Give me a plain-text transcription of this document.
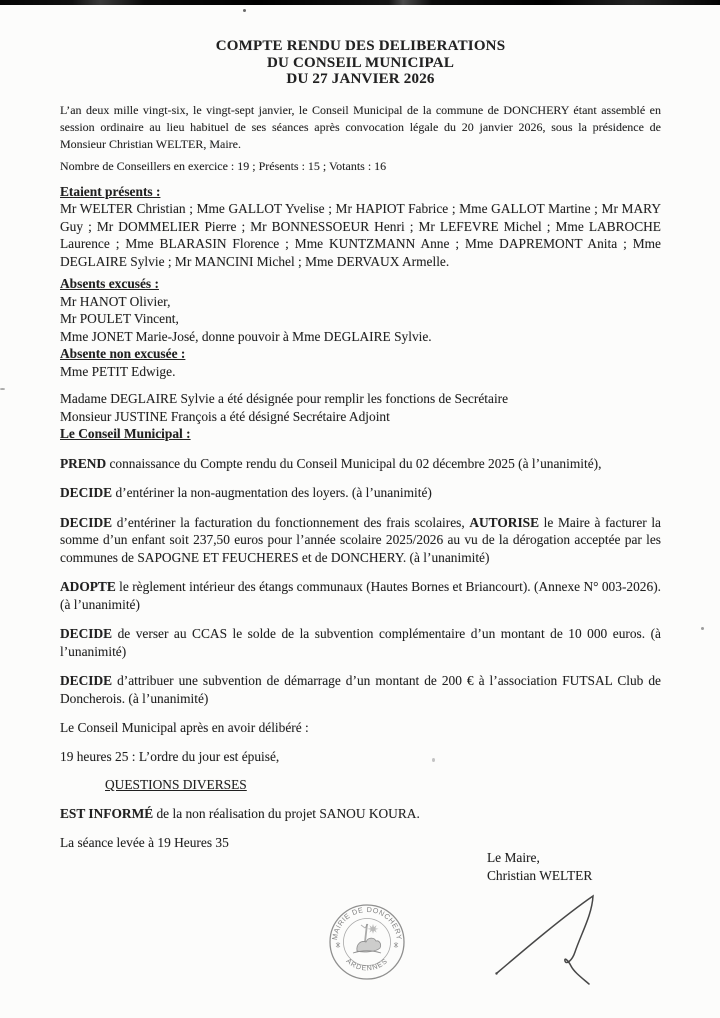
COMPTE RENDU DES DELIBERATIONS

DU CONSEIL MUNICIPAL

DU 27 JANVIER 2026

L’an deux mille vingt-six, le vingt-sept janvier, le Conseil Municipal de la commune de DONCHERY étant assemblé en session ordinaire au lieu habituel de ses séances après convocation légale du 20 janvier 2026, sous la présidence de Monsieur Christian WELTER, Maire.

Nombre de Conseillers en exercice : 19 ; Présents : 15 ; Votants : 16

Etaient présents :

Mr WELTER Christian ; Mme GALLOT Yvelise ; Mr HAPIOT Fabrice ; Mme GALLOT Martine ; Mr MARY Guy ; Mr DOMMELIER Pierre ; Mr BONNESSOEUR Henri ; Mr LEFEVRE Michel ; Mme LABROCHE Laurence ; Mme BLARASIN Florence ; Mme KUNTZMANN Anne ; Mme DAPREMONT Anita ; Mme DEGLAIRE Sylvie ; Mr MANCINI Michel ; Mme DERVAUX Armelle.

Absents excusés :
Mr HANOT Olivier,
Mr POULET Vincent,
Mme JONET Marie-José, donne pouvoir à Mme DEGLAIRE Sylvie.
Absente non excusée :
Mme PETIT Edwige.

Madame DEGLAIRE Sylvie a été désignée pour remplir les fonctions de Secrétaire
Monsieur JUSTINE François a été désigné Secrétaire Adjoint
Le Conseil Municipal :

PREND connaissance du Compte rendu du Conseil Municipal du 02 décembre 2025 (à l’unanimité),

DECIDE d’entériner la non-augmentation des loyers. (à l’unanimité)

DECIDE d’entériner la facturation du fonctionnement des frais scolaires, AUTORISE le Maire à facturer la somme d’un enfant soit 237,50 euros pour l’année scolaire 2025/2026 au vu de la dérogation acceptée par les communes de SAPOGNE ET FEUCHERES et de DONCHERY. (à l’unanimité)

ADOPTE le règlement intérieur des étangs communaux (Hautes Bornes et Briancourt). (Annexe N° 003-2026). (à l’unanimité)

DECIDE de verser au CCAS le solde de la subvention complémentaire d’un montant de 10 000 euros. (à l’unanimité)

DECIDE d’attribuer une subvention de démarrage d’un montant de 200 € à l’association FUTSAL Club de Doncherois. (à l’unanimité)

Le Conseil Municipal après en avoir délibéré :

19 heures 25 : L’ordre du jour est épuisé,

QUESTIONS DIVERSES

EST INFORMÉ de la non réalisation du projet SANOU KOURA.

La séance levée à 19 Heures 35

Le Maire,
Christian WELTER
MAIRIE DE DONCHERY
ARDENNES
